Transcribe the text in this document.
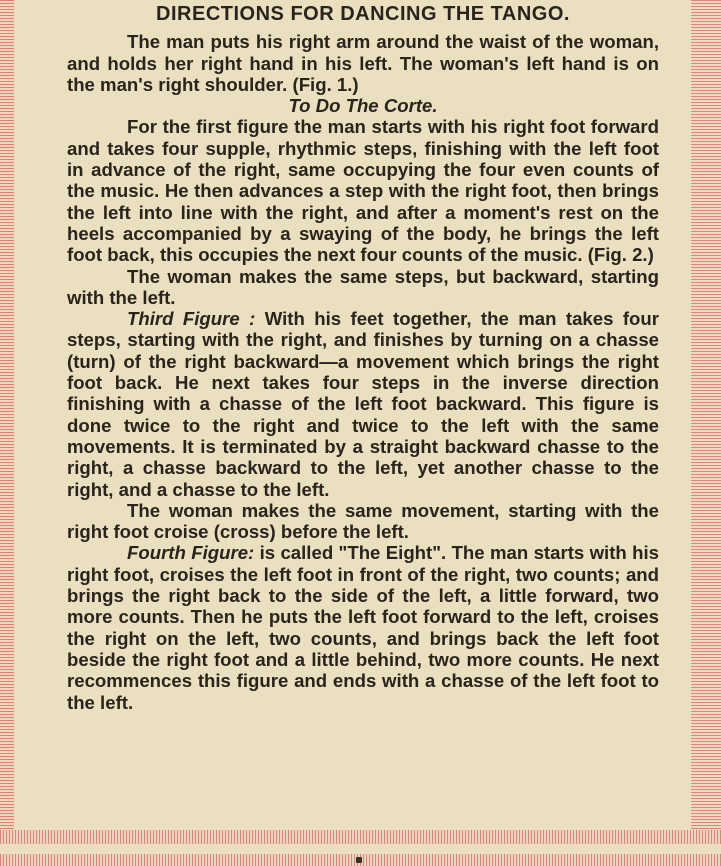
DIRECTIONS FOR DANCING THE TANGO.

The man puts his right arm around the waist of the woman, and holds her right hand in his left. The woman's left hand is on the man's right shoulder. (Fig. 1.)

To Do The Corte.

For the first figure the man starts with his right foot forward and takes four supple, rhythmic steps, finishing with the left foot in advance of the right, same occupying the four even counts of the music. He then advances a step with the right foot, then brings the left into line with the right, and after a moment's rest on the heels accompanied by a swaying of the body, he brings the left foot back, this occupies the next four counts of the music. (Fig. 2.)

The woman makes the same steps, but backward, starting with the left.

Third Figure : With his feet together, the man takes four steps, starting with the right, and finishes by turning on a chasse (turn) of the right backward—a movement which brings the right foot back. He next takes four steps in the inverse direction finishing with a chasse of the left foot backward. This figure is done twice to the right and twice to the left with the same movements. It is terminated by a straight backward chasse to the right, a chasse backward to the left, yet another chasse to the right, and a chasse to the left.

The woman makes the same movement, starting with the right foot croise (cross) before the left.

Fourth Figure: is called "The Eight". The man starts with his right foot, croises the left foot in front of the right, two counts; and brings the right back to the side of the left, a little forward, two more counts. Then he puts the left foot forward to the left, croises the right on the left, two counts, and brings back the left foot beside the right foot and a little behind, two more counts. He next recommences this figure and ends with a chasse of the left foot to the left.
